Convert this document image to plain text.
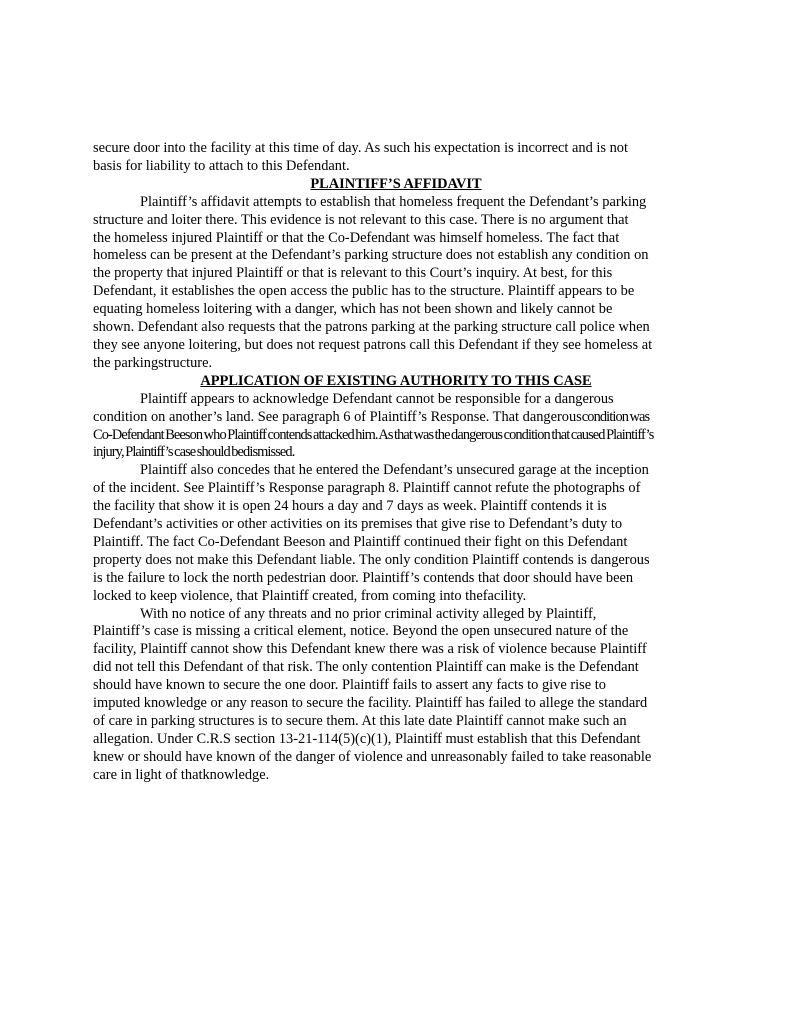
secure door into the facility at this time of day. As such his expectation is incorrect and is not
basis for liability to attach to this Defendant.

PLAINTIFF’S AFFIDAVIT

Plaintiff’s affidavit attempts to establish that homeless frequent the Defendant’s parking
structure and loiter there. This evidence is not relevant to this case. There is no argument that
the homeless injured Plaintiff or that the Co-Defendant was himself homeless. The fact that
homeless can be present at the Defendant’s parking structure does not establish any condition on
the property that injured Plaintiff or that is relevant to this Court’s inquiry. At best, for this
Defendant, it establishes the open access the public has to the structure. Plaintiff appears to be
equating homeless loitering with a danger, which has not been shown and likely cannot be
shown. Defendant also requests that the patrons parking at the parking structure call police when
they see anyone loitering, but does not request patrons call this Defendant if they see homeless at
the parkingstructure.

APPLICATION OF EXISTING AUTHORITY TO THIS CASE

Plaintiff appears to acknowledge Defendant cannot be responsible for a dangerous
condition on another’s land. See paragraph 6 of Plaintiff’s Response. That dangerouscondition was
Co-Defendant Beeson who Plaintiff contends attacked him. As that was the dangerous condition that caused Plaintiff’s
injury, Plaintiff’s case should bedismissed.

Plaintiff also concedes that he entered the Defendant’s unsecured garage at the inception
of the incident. See Plaintiff’s Response paragraph 8. Plaintiff cannot refute the photographs of
the facility that show it is open 24 hours a day and 7 days as week. Plaintiff contends it is
Defendant’s activities or other activities on its premises that give rise to Defendant’s duty to
Plaintiff. The fact Co-Defendant Beeson and Plaintiff continued their fight on this Defendant
property does not make this Defendant liable. The only condition Plaintiff contends is dangerous
is the failure to lock the north pedestrian door. Plaintiff’s contends that door should have been
locked to keep violence, that Plaintiff created, from coming into thefacility.

With no notice of any threats and no prior criminal activity alleged by Plaintiff,
Plaintiff’s case is missing a critical element, notice. Beyond the open unsecured nature of the
facility, Plaintiff cannot show this Defendant knew there was a risk of violence because Plaintiff
did not tell this Defendant of that risk. The only contention Plaintiff can make is the Defendant
should have known to secure the one door. Plaintiff fails to assert any facts to give rise to
imputed knowledge or any reason to secure the facility. Plaintiff has failed to allege the standard
of care in parking structures is to secure them. At this late date Plaintiff cannot make such an
allegation. Under C.R.S section 13-21-114(5)(c)(1), Plaintiff must establish that this Defendant
knew or should have known of the danger of violence and unreasonably failed to take reasonable
care in light of thatknowledge.
